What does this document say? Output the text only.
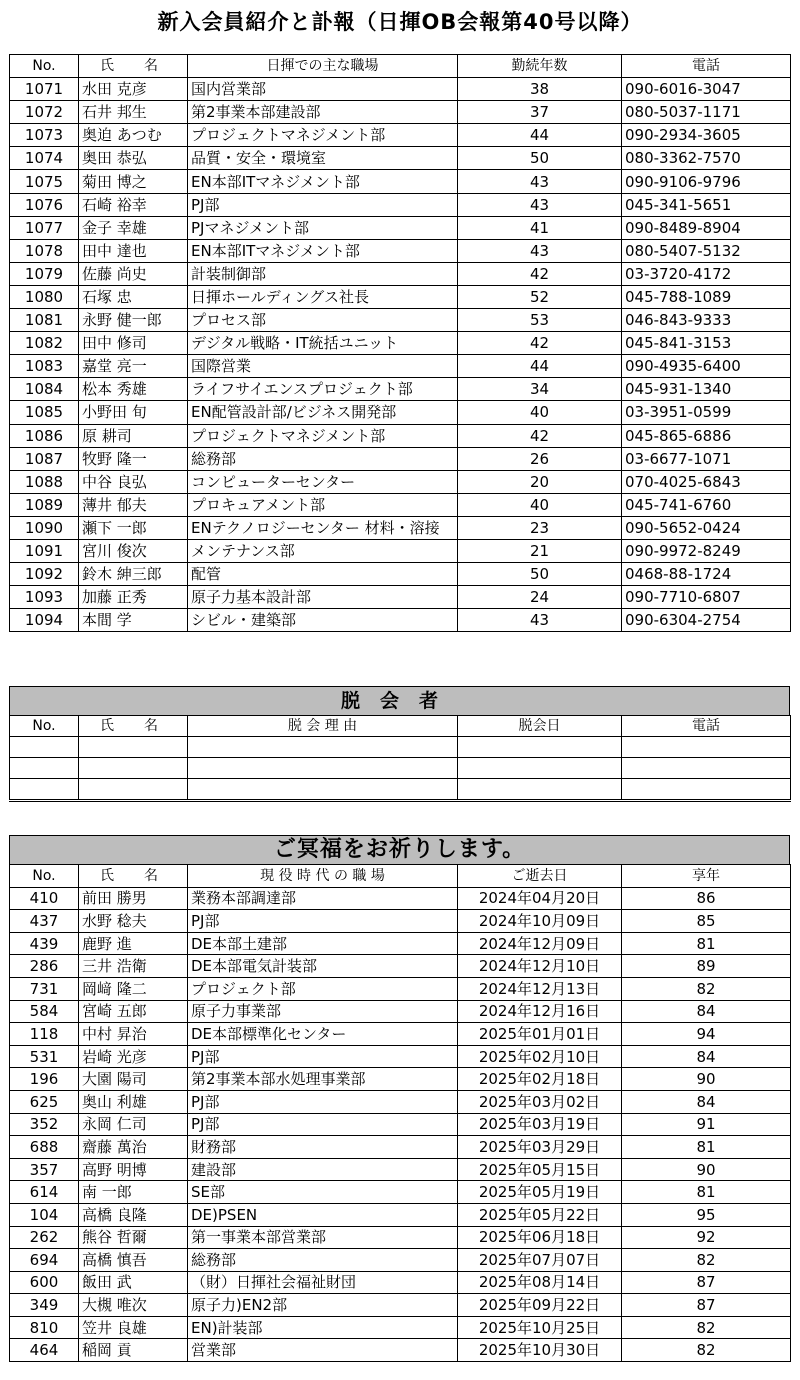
新入会員紹介と訃報（日揮OB会報第40号以降）
No.	氏　名	日揮での主な職場	勤続年数	電話
1071	水田 克彦	国内営業部	38	090-6016-3047
1072	石井 邦生	第2事業本部建設部	37	080-5037-1171
1073	奥迫 あつむ	プロジェクトマネジメント部	44	090-2934-3605
1074	奥田 恭弘	品質・安全・環境室	50	080-3362-7570
1075	菊田 博之	EN本部ITマネジメント部	43	090-9106-9796
1076	石崎 裕幸	PJ部	43	045-341-5651
1077	金子 幸雄	PJマネジメント部	41	090-8489-8904
1078	田中 達也	EN本部ITマネジメント部	43	080-5407-5132
1079	佐藤 尚史	計装制御部	42	03-3720-4172
1080	石塚 忠	日揮ホールディングス社長	52	045-788-1089
1081	永野 健一郎	プロセス部	53	046-843-9333
1082	田中 修司	デジタル戦略・IT統括ユニット	42	045-841-3153
1083	嘉堂 亮一	国際営業	44	090-4935-6400
1084	松本 秀雄	ライフサイエンスプロジェクト部	34	045-931-1340
1085	小野田 旬	EN配管設計部/ビジネス開発部	40	03-3951-0599
1086	原 耕司	プロジェクトマネジメント部	42	045-865-6886
1087	牧野 隆一	総務部	26	03-6677-1071
1088	中谷 良弘	コンピューターセンター	20	070-4025-6843
1089	薄井 郁夫	プロキュアメント部	40	045-741-6760
1090	瀬下 一郎	ENテクノロジーセンター 材料・溶接	23	090-5652-0424
1091	宮川 俊次	メンテナンス部	21	090-9972-8249
1092	鈴木 紳三郎	配管	50	0468-88-1724
1093	加藤 正秀	原子力基本設計部	24	090-7710-6807
1094	本間 学	シビル・建築部	43	090-6304-2754
脱会者
No.	氏　名	脱 会 理 由	脱会日	電話

ご冥福をお祈りします。
No.	氏　名	現 役 時 代 の 職 場	ご逝去日	享年
410	前田 勝男	業務本部調達部	2024年04月20日	86
437	水野 稔夫	PJ部	2024年10月09日	85
439	鹿野 進	DE本部土建部	2024年12月09日	81
286	三井 浩衛	DE本部電気計装部	2024年12月10日	89
731	岡﨑 隆二	プロジェクト部	2024年12月13日	82
584	宮崎 五郎	原子力事業部	2024年12月16日	84
118	中村 昇治	DE本部標準化センター	2025年01月01日	94
531	岩崎 光彦	PJ部	2025年02月10日	84
196	大園 陽司	第2事業本部水処理事業部	2025年02月18日	90
625	奥山 利雄	PJ部	2025年03月02日	84
352	永岡 仁司	PJ部	2025年03月19日	91
688	齋藤 萬治	財務部	2025年03月29日	81
357	高野 明博	建設部	2025年05月15日	90
614	南 一郎	SE部	2025年05月19日	81
104	高橋 良隆	DE)PSEN	2025年05月22日	95
262	熊谷 哲爾	第一事業本部営業部	2025年06月18日	92
694	高橋 慎吾	総務部	2025年07月07日	82
600	飯田 武	（財）日揮社会福祉財団	2025年08月14日	87
349	大槻 唯次	原子力)EN2部	2025年09月22日	87
810	笠井 良雄	EN)計装部	2025年10月25日	82
464	稲岡 貢	営業部	2025年10月30日	82
